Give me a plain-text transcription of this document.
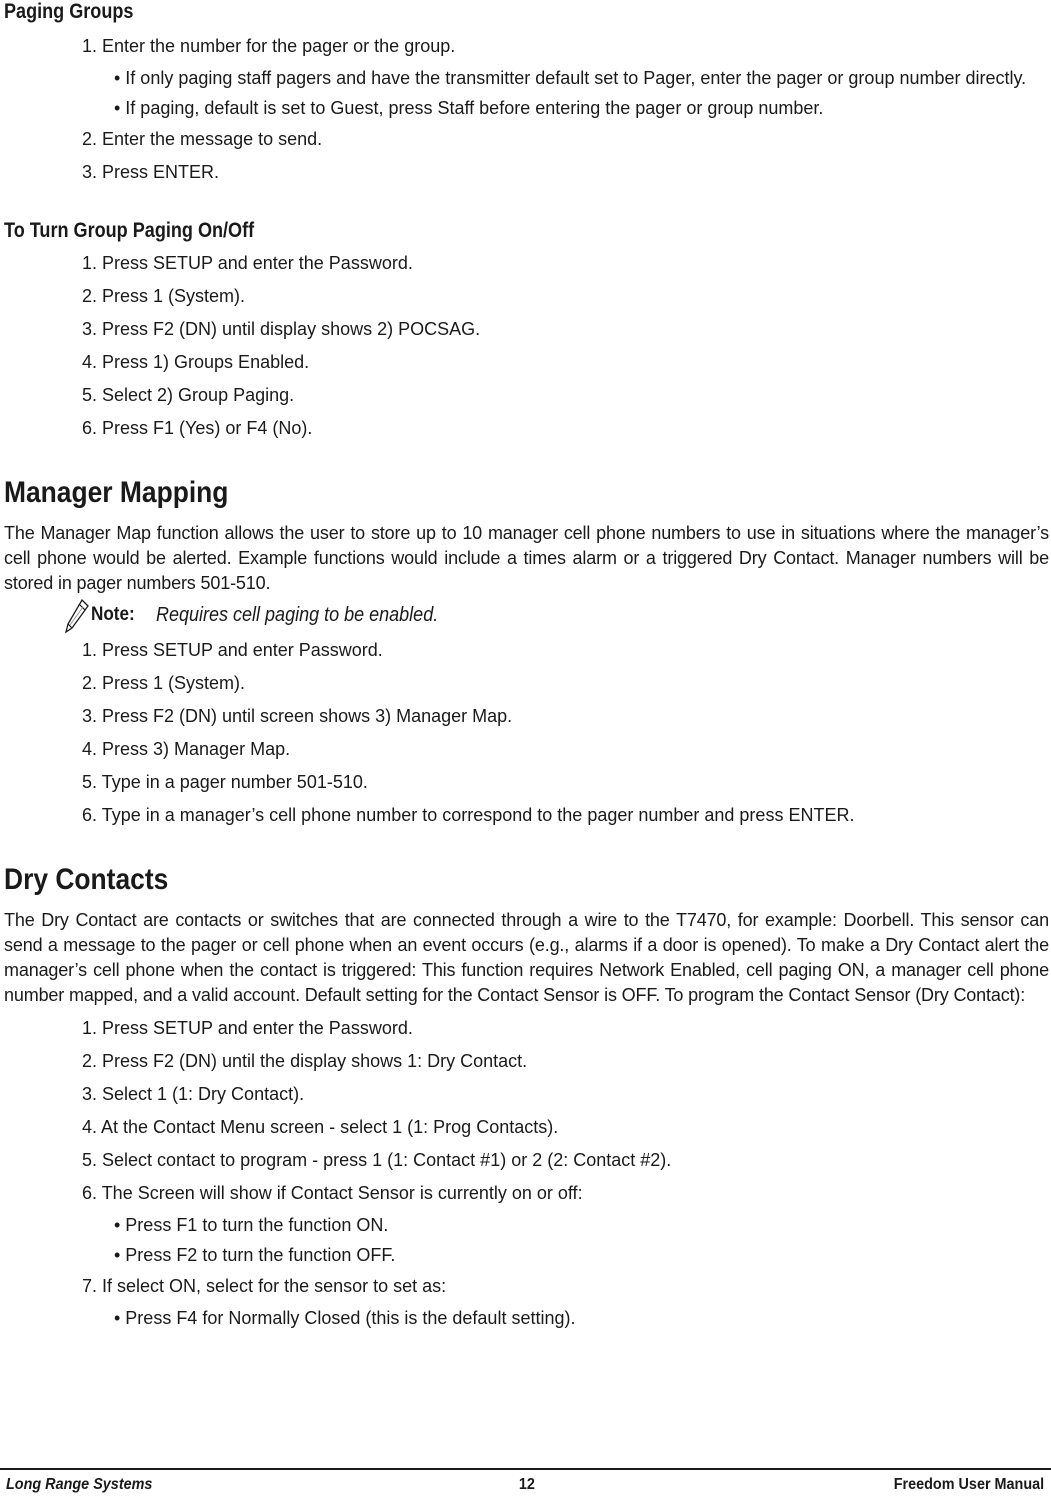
Paging Groups

1. Enter the number for the pager or the group.

• If only paging staff pagers and have the transmitter default set to Pager, enter the pager or group number directly.

• If paging, default is set to Guest, press Staff before entering the pager or group number.

2. Enter the message to send.

3. Press ENTER.

To Turn Group Paging On/Off

1. Press SETUP and enter the Password.

2. Press 1 (System).

3. Press F2 (DN) until display shows 2) POCSAG.

4. Press 1) Groups Enabled.

5. Select 2) Group Paging.

6. Press F1 (Yes) or F4 (No).

Manager Mapping

The Manager Map function allows the user to store up to 10 manager cell phone numbers to use in situations where the manager’s cell phone would be alerted. Example functions would include a times alarm or a triggered Dry Contact. Manager numbers will be stored in pager numbers 501-510.

Note: Requires cell paging to be enabled.

1. Press SETUP and enter Password.

2. Press 1 (System).

3. Press F2 (DN) until screen shows 3) Manager Map.

4. Press 3) Manager Map.

5. Type in a pager number 501-510.

6. Type in a manager’s cell phone number to correspond to the pager number and press ENTER.

Dry Contacts

The Dry Contact are contacts or switches that are connected through a wire to the T7470, for example: Doorbell. This sensor can send a message to the pager or cell phone when an event occurs (e.g., alarms if a door is opened). To make a Dry Contact alert the manager’s cell phone when the contact is triggered: This function requires Network Enabled, cell paging ON, a manager cell phone number mapped, and a valid account. Default setting for the Contact Sensor is OFF. To program the Contact Sensor (Dry Contact):

1. Press SETUP and enter the Password.

2. Press F2 (DN) until the display shows 1: Dry Contact.

3. Select 1 (1: Dry Contact).

4. At the Contact Menu screen - select 1 (1: Prog Contacts).

5. Select contact to program - press 1 (1: Contact #1) or 2 (2: Contact #2).

6. The Screen will show if Contact Sensor is currently on or off:

• Press F1 to turn the function ON.

• Press F2 to turn the function OFF.

7. If select ON, select for the sensor to set as:

• Press F4 for Normally Closed (this is the default setting).

Long Range Systems	12	Freedom User Manual
